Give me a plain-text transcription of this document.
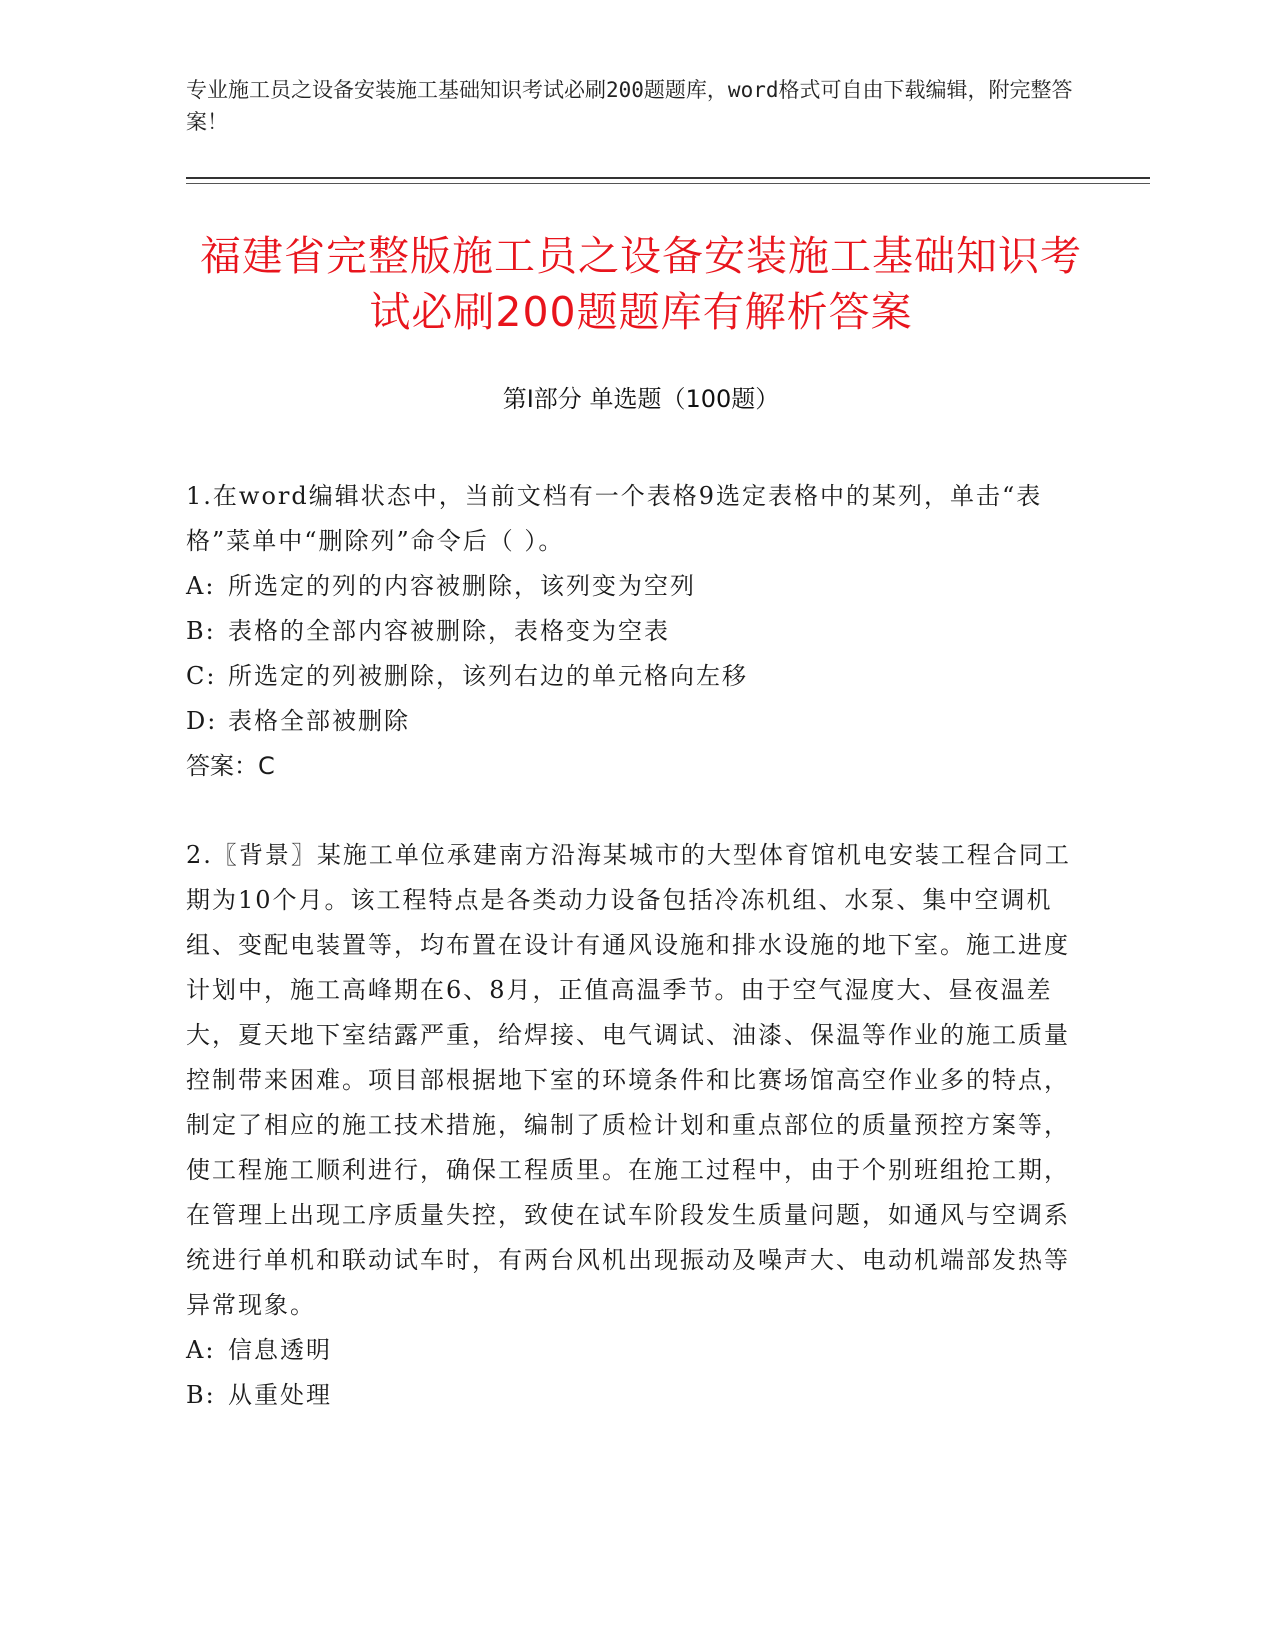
专业施工员之设备安装施工基础知识考试必刷200题题库，word格式可自由下载编辑，附完整答案！
福建省完整版施工员之设备安装施工基础知识考试必刷200题题库有解析答案
第Ⅰ部分 单选题（100题）

1.在word编辑状态中，当前文档有一个表格9选定表格中的某列，单击“表格”菜单中“删除列”命令后（ ）。

A: 所选定的列的内容被删除，该列变为空列

B: 表格的全部内容被删除，表格变为空表

C: 所选定的列被删除，该列右边的单元格向左移

D: 表格全部被删除

答案：C

2.〖背景〗某施工单位承建南方沿海某城市的大型体育馆机电安装工程合同工期为10个月。该工程特点是各类动力设备包括冷冻机组、水泵、集中空调机组、变配电装置等，均布置在设计有通风设施和排水设施的地下室。施工进度计划中，施工高峰期在6、8月，正值高温季节。由于空气湿度大、昼夜温差大，夏天地下室结露严重，给焊接、电气调试、油漆、保温等作业的施工质量控制带来困难。项目部根据地下室的环境条件和比赛场馆高空作业多的特点，制定了相应的施工技术措施，编制了质检计划和重点部位的质量预控方案等，使工程施工顺利进行，确保工程质里。在施工过程中，由于个别班组抢工期，在管理上出现工序质量失控，致使在试车阶段发生质量问题，如通风与空调系统进行单机和联动试车时，有两台风机出现振动及噪声大、电动机端部发热等异常现象。

A: 信息透明

B: 从重处理
